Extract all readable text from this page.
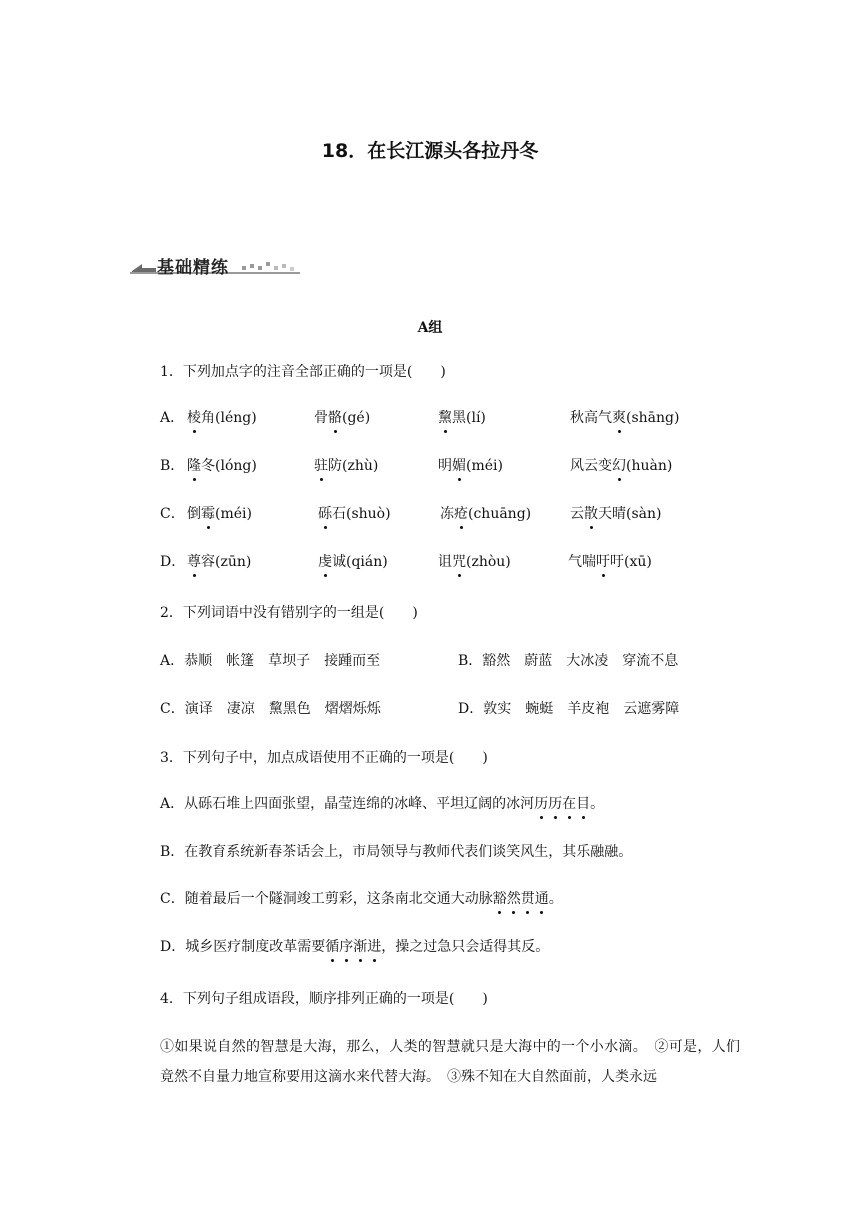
18．在长江源头各拉丹冬
基础精练
A组
1．下列加点字的注音全部正确的一项是(　　)
A． 棱角(léng)	骨骼(gé)	黧黑(lí)	秋高气爽(shāng)
B． 隆冬(lóng)	驻防(zhù)	明媚(méi)	风云变幻(huàn)
C． 倒霉(méi)	砾石(shuò)	冻疮(chuāng)	云散天晴(sàn)
D． 尊容(zūn)	虔诚(qián)	诅咒(zhòu)	气喘吁吁(xū)
2．下列词语中没有错别字的一组是(　　)
A．恭顺　帐篷　草坝子　接踵而至	B．豁然　蔚蓝　大冰凌　穿流不息
C．演译　凄凉　黧黑色　熠熠烁烁	D．敦实　蜿蜓　羊皮袍　云遮雾障
3．下列句子中，加点成语使用不正确的一项是(　　)
A．从砾石堆上四面张望，晶莹连绵的冰峰、平坦辽阔的冰河历历在目。
B．在教育系统新春茶话会上，市局领导与教师代表们谈笑风生，其乐融融。
C．随着最后一个隧洞竣工剪彩，这条南北交通大动脉豁然贯通。
D．城乡医疗制度改革需要循序渐进，操之过急只会适得其反。
4．下列句子组成语段，顺序排列正确的一项是(　　)
①如果说自然的智慧是大海，那么，人类的智慧就只是大海中的一个小水滴。　②可是，人们竟然不自量力地宣称要用这滴水来代替大海。　③殊不知在大自然面前，人类永远
